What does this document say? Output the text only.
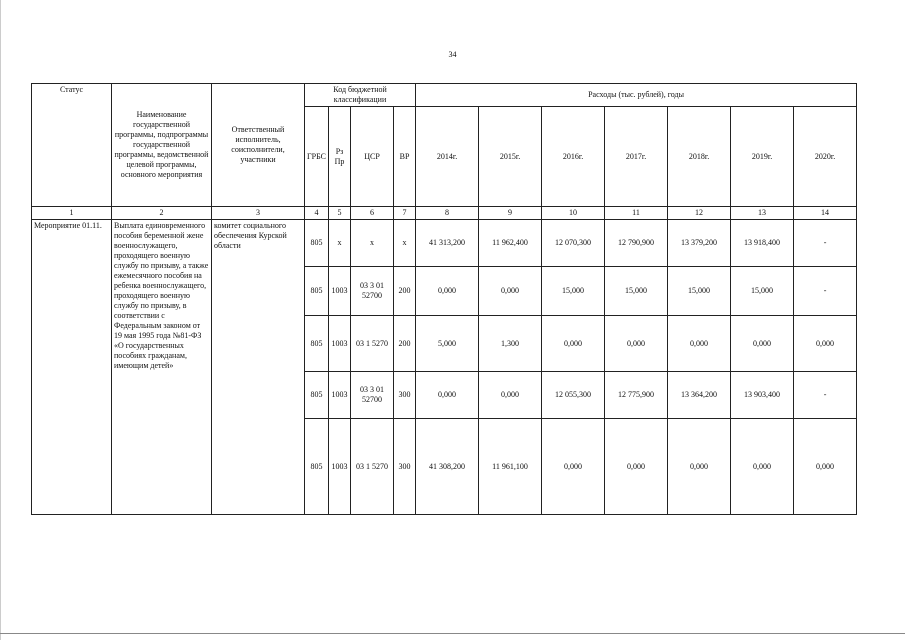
34
Статус	Наименование государственной программы, подпрограммы государственной программы, ведомственной целевой программы, основного мероприятия	Ответственный исполнитель, соисполнители, участники	Код бюджетной классификации				Расходы (тыс. рублей), годы						
			ГРБС	Рз Пр	ЦСР	ВР	2014г.	2015г.	2016г.	2017г.	2018г.	2019г.	2020г.
1	2	3	4	5	6	7	8	9	10	11	12	13	14
Мероприятие 01.11.	Выплата единовременного пособия беременной жене военнослужащего, проходящего военную службу по призыву, а также ежемесячного пособия на ребенка военнослужащего, проходящего военную службу по призыву, в соответствии с Федеральным законом от 19 мая 1995 года №81-ФЗ «О государственных пособиях гражданам, имеющим детей»	комитет социального обеспечения Курской области	805	х	х	х	41 313,200	11 962,400	12 070,300	12 790,900	13 379,200	13 918,400	-
			805	1003	03 3 01 52700	200	0,000	0,000	15,000	15,000	15,000	15,000	-
			805	1003	03 1 5270	200	5,000	1,300	0,000	0,000	0,000	0,000	0,000
			805	1003	03 3 01 52700	300	0,000	0,000	12 055,300	12 775,900	13 364,200	13 903,400	-
			805	1003	03 1 5270	300	41 308,200	11 961,100	0,000	0,000	0,000	0,000	0,000
